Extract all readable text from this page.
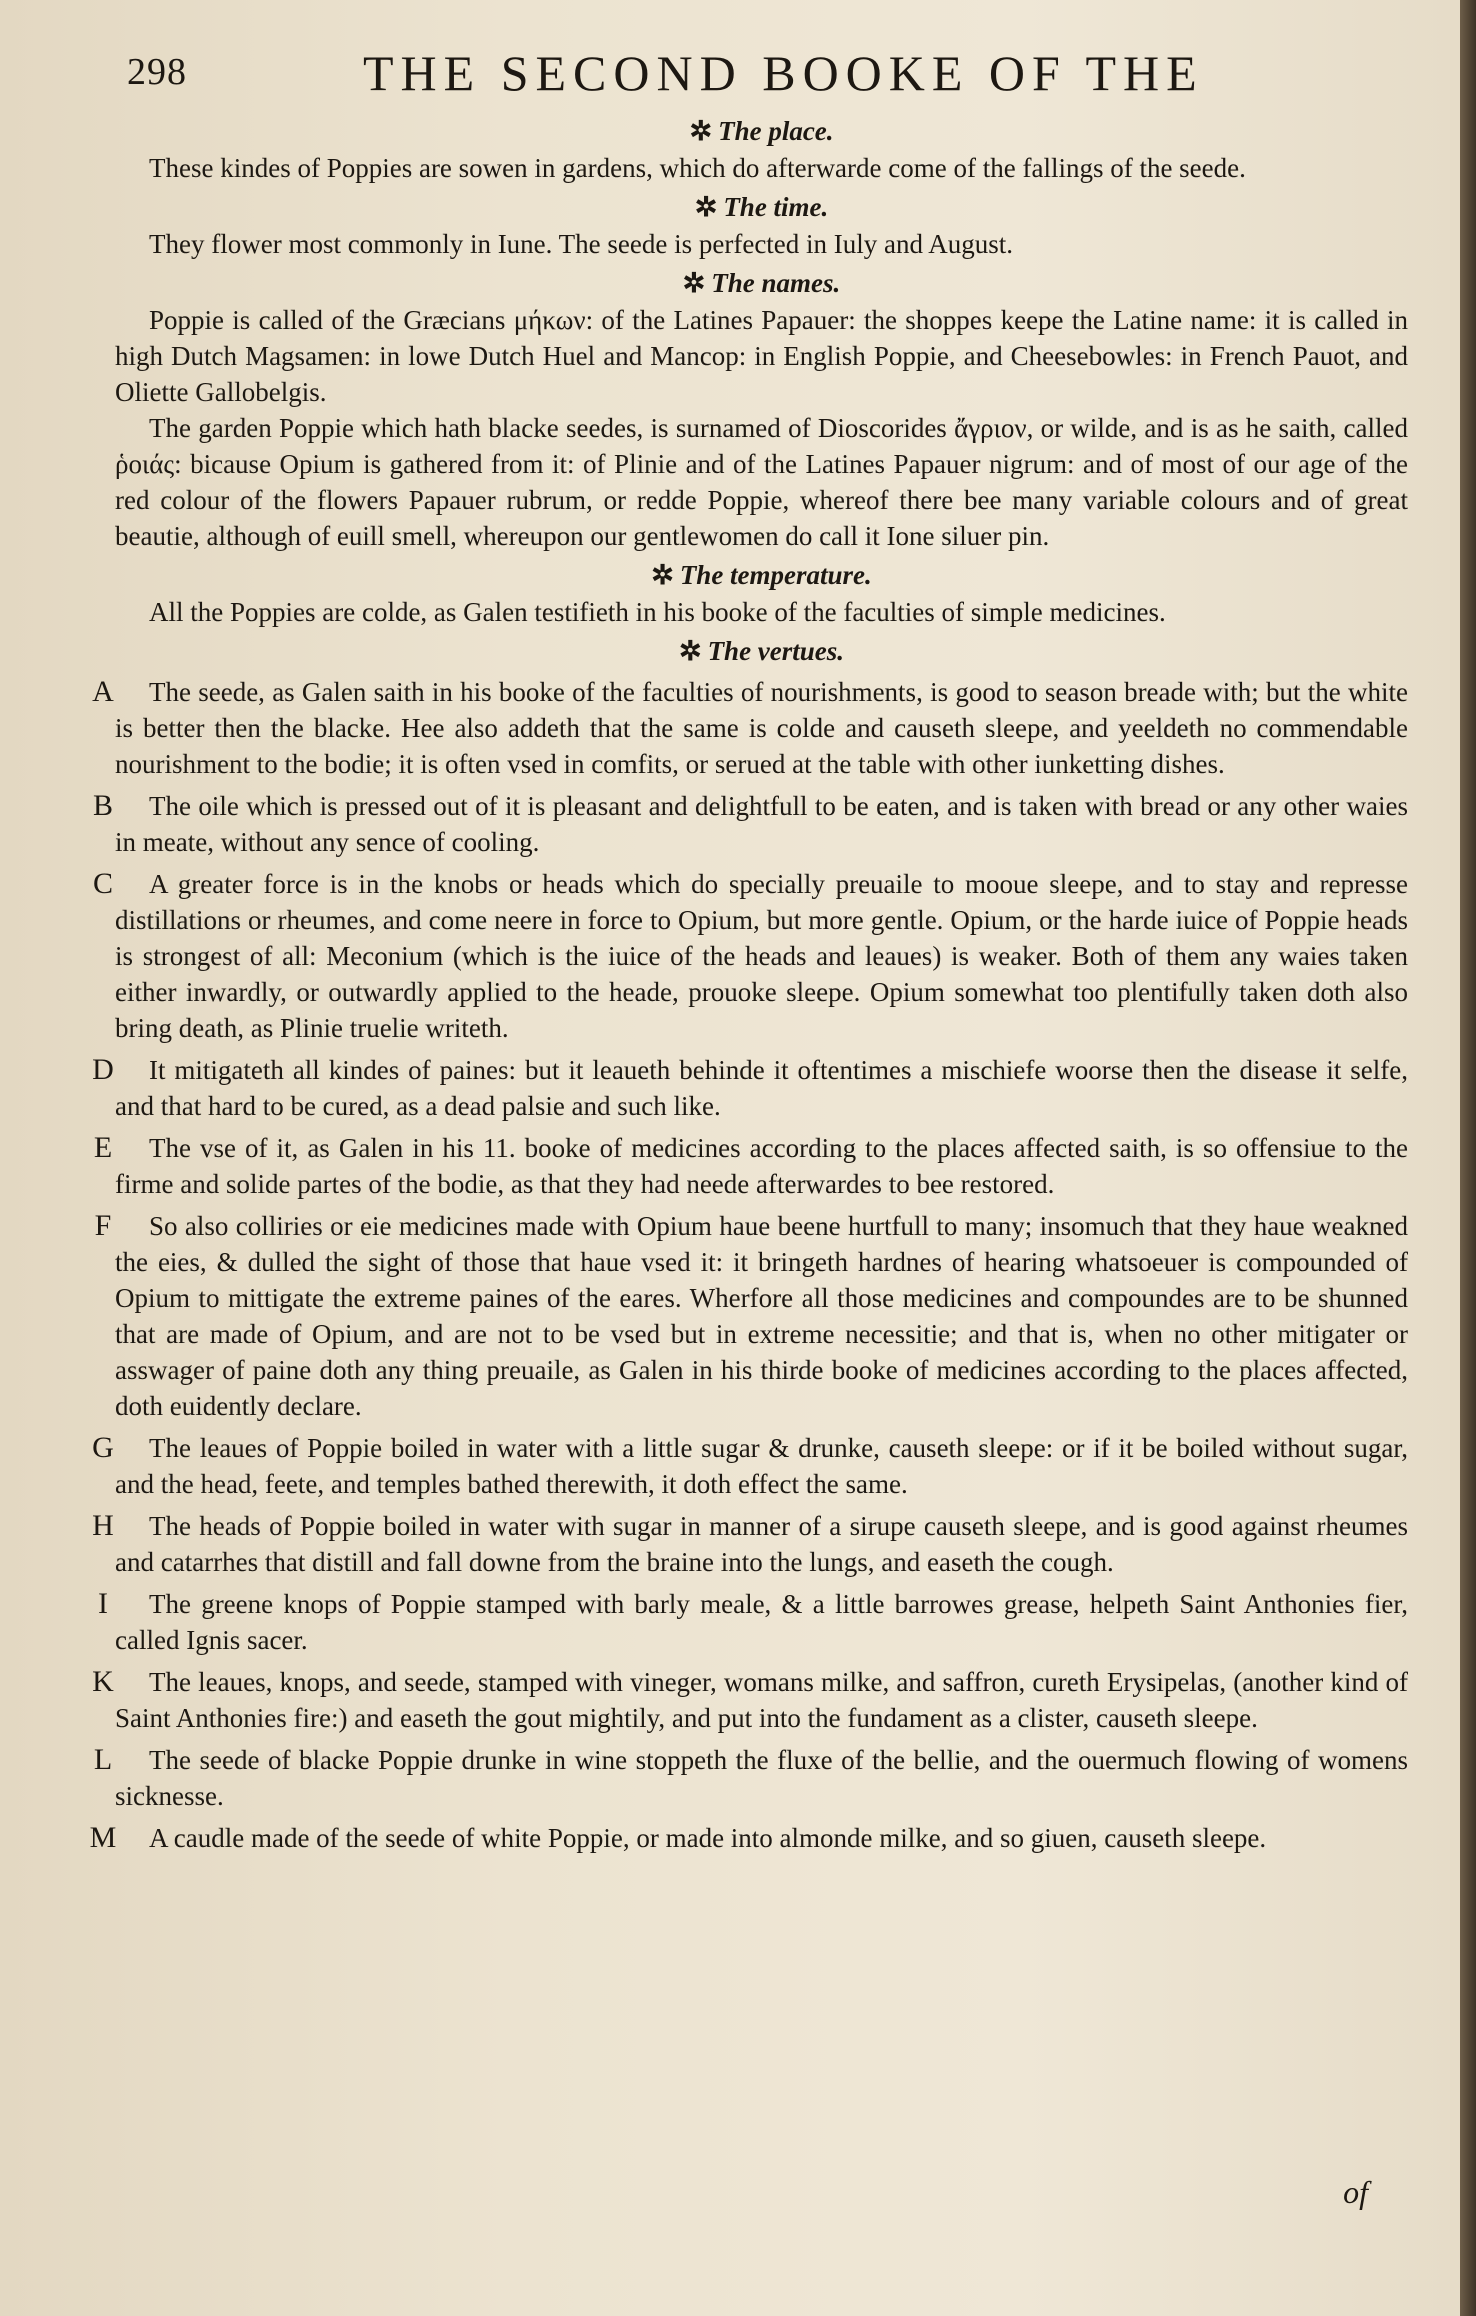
298	THE SECOND BOOKE OF THE
✲ The place.

These kindes of Poppies are sowen in gardens, which do afterwarde come of the fallings of the seede.

✲ The time.

They flower most commonly in Iune. The seede is perfected in Iuly and August.

✲ The names.

Poppie is called of the Græcians μήκων: of the Latines Papauer: the shoppes keepe the Latine name: it is called in high Dutch Magsamen: in lowe Dutch Huel and Mancop: in English Poppie, and Cheesebowles: in French Pauot, and Oliette Gallobelgis.

The garden Poppie which hath blacke seedes, is surnamed of Dioscorides ἄγριον, or wilde, and is as he saith, called ῥοιάς: bicause Opium is gathered from it: of Plinie and of the Latines Papauer nigrum: and of most of our age of the red colour of the flowers Papauer rubrum, or redde Poppie, whereof there bee many variable colours and of great beautie, although of euill smell, whereupon our gentlewomen do call it Ione siluer pin.

✲ The temperature.

All the Poppies are colde, as Galen testifieth in his booke of the faculties of simple medicines.

✲ The vertues.
A	The seede, as Galen saith in his booke of the faculties of nourishments, is good to season breade with; but the white is better then the blacke. Hee also addeth that the same is colde and causeth sleepe, and yeeldeth no commendable nourishment to the bodie; it is often vsed in comfits, or serued at the table with other iunketting dishes.

B	The oile which is pressed out of it is pleasant and delightfull to be eaten, and is taken with bread or any other waies in meate, without any sence of cooling.

C	A greater force is in the knobs or heads which do specially preuaile to mooue sleepe, and to stay and represse distillations or rheumes, and come neere in force to Opium, but more gentle. Opium, or the harde iuice of Poppie heads is strongest of all: Meconium (which is the iuice of the heads and leaues) is weaker. Both of them any waies taken either inwardly, or outwardly applied to the heade, prouoke sleepe. Opium somewhat too plentifully taken doth also bring death, as Plinie truelie writeth.

D	It mitigateth all kindes of paines: but it leaueth behinde it oftentimes a mischiefe woorse then the disease it selfe, and that hard to be cured, as a dead palsie and such like.

E	The vse of it, as Galen in his 11. booke of medicines according to the places affected saith, is so offensiue to the firme and solide partes of the bodie, as that they had neede afterwardes to bee restored.

F	So also colliries or eie medicines made with Opium haue beene hurtfull to many; insomuch that they haue weakned the eies, & dulled the sight of those that haue vsed it: it bringeth hardnes of hearing whatsoeuer is compounded of Opium to mittigate the extreme paines of the eares. Wherfore all those medicines and compoundes are to be shunned that are made of Opium, and are not to be vsed but in extreme necessitie; and that is, when no other mitigater or asswager of paine doth any thing preuaile, as Galen in his thirde booke of medicines according to the places affected, doth euidently declare.

G	The leaues of Poppie boiled in water with a little sugar & drunke, causeth sleepe: or if it be boiled without sugar, and the head, feete, and temples bathed therewith, it doth effect the same.

H	The heads of Poppie boiled in water with sugar in manner of a sirupe causeth sleepe, and is good against rheumes and catarrhes that distill and fall downe from the braine into the lungs, and easeth the cough.

I	The greene knops of Poppie stamped with barly meale, & a little barrowes grease, helpeth Saint Anthonies fier, called Ignis sacer.

K	The leaues, knops, and seede, stamped with vineger, womans milke, and saffron, cureth Erysipelas, (another kind of Saint Anthonies fire:) and easeth the gout mightily, and put into the fundament as a clister, causeth sleepe.

L	The seede of blacke Poppie drunke in wine stoppeth the fluxe of the bellie, and the ouermuch flowing of womens sicknesse.

M	A caudle made of the seede of white Poppie, or made into almonde milke, and so giuen, causeth sleepe.

of
